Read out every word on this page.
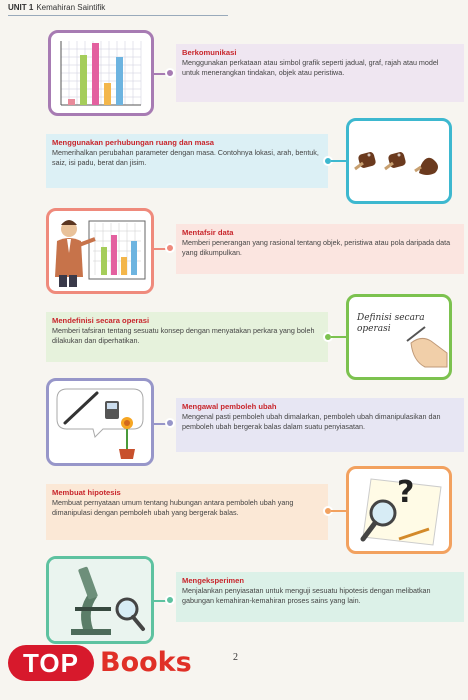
UNIT 1 Kemahiran Saintifik
Berkomunikasi
Menggunakan perkataan atau simbol grafik seperti jadual, graf, rajah atau model untuk menerangkan tindakan, objek atau peristiwa.
Menggunakan perhubungan ruang dan masa
Memerihalkan perubahan parameter dengan masa. Contohnya lokasi, arah, bentuk, saiz, isi padu, berat dan jisim.
Mentafsir data
Memberi penerangan yang rasional tentang objek, peristiwa atau pola daripada data yang dikumpulkan.
Mendefinisi secara operasi
Memberi tafsiran tentang sesuatu konsep dengan menyatakan perkara yang boleh dilakukan dan diperhatikan.
Definisi secara operasi
Mengawal pemboleh ubah
Mengenal pasti pemboleh ubah dimalarkan, pemboleh ubah dimanipulasikan dan pemboleh ubah bergerak balas dalam suatu penyiasatan.
Membuat hipotesis
Membuat pernyataan umum tentang hubungan antara pemboleh ubah yang dimanipulasi dengan pemboleh ubah yang bergerak balas.
?
Mengeksperimen
Menjalankan penyiasatan untuk menguji sesuatu hipotesis dengan melibatkan gabungan kemahiran-kemahiran proses sains yang lain.
TOP Books	2
